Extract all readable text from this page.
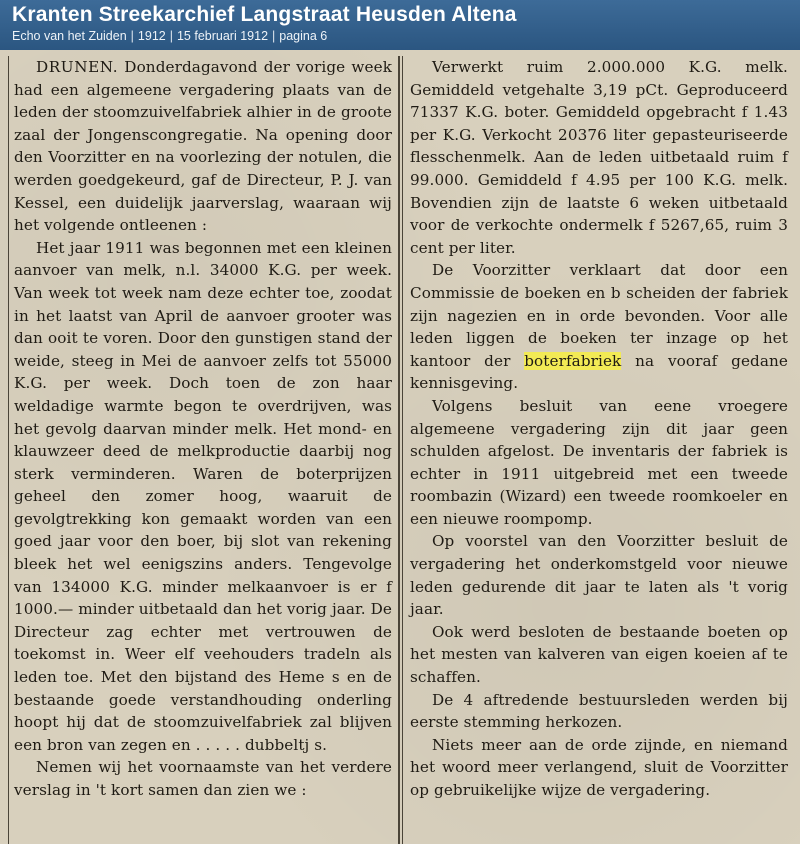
Kranten Streekarchief Langstraat Heusden Altena
Echo van het Zuiden | 1912 | 15 februari 1912 | pagina 6

DRUNEN. Donderdagavond der vorige week had een algemeene vergadering plaats van de leden der stoomzuivelfabriek alhier in de groote zaal der Jongenscongregatie. Na opening door den Voorzitter en na voorlezing der notulen, die werden goedgekeurd, gaf de Directeur, P. J. van Kessel, een duidelijk jaarverslag, waaraan wij het volgende ontleenen :

Het jaar 1911 was begonnen met een kleinen aanvoer van melk, n.l. 34000 K.G. per week. Van week tot week nam deze echter toe, zoodat in het laatst van April de aanvoer grooter was dan ooit te voren. Door den gunstigen stand der weide, steeg in Mei de aanvoer zelfs tot 55000 K.G. per week. Doch toen de zon haar weldadige warmte begon te overdrijven, was het gevolg daarvan minder melk. Het mond- en klauwzeer deed de melkproductie daarbij nog sterk verminderen. Waren de boterprijzen geheel den zomer hoog, waaruit de gevolgtrekking kon gemaakt worden van een goed jaar voor den boer, bij slot van rekening bleek het wel eenigszins anders. Tengevolge van 134000 K.G. minder melkaanvoer is er f 1000.— minder uitbetaald dan het vorig jaar. De Directeur zag echter met vertrouwen de toekomst in. Weer elf veehouders tradeln als leden toe. Met den bijstand des Heme s en de bestaande goede verstandhouding onderling hoopt hij dat de stoomzuivelfabriek zal blijven een bron van zegen en . . . . . dubbeltj s.

Nemen wij het voornaamste van het verdere verslag in 't kort samen dan zien we :

Verwerkt ruim 2.000.000 K.G. melk. Gemiddeld vetgehalte 3,19 pCt. Geproduceerd 71337 K.G. boter. Gemiddeld opgebracht f 1.43 per K.G. Verkocht 20376 liter gepasteuriseerde flesschenmelk. Aan de leden uitbetaald ruim f 99.000. Gemiddeld f 4.95 per 100 K.G. melk. Bovendien zijn de laatste 6 weken uitbetaald voor de verkochte ondermelk f 5267,65, ruim 3 cent per liter.

De Voorzitter verklaart dat door een Commissie de boeken en b scheiden der fabriek zijn nagezien en in orde bevonden. Voor alle leden liggen de boeken ter inzage op het kantoor der boterfabriek na vooraf gedane kennisgeving.

Volgens besluit van eene vroegere algemeene vergadering zijn dit jaar geen schulden afgelost. De inventaris der fabriek is echter in 1911 uitgebreid met een tweede roombazin (Wizard) een tweede roomkoeler en een nieuwe roompomp.

Op voorstel van den Voorzitter besluit de vergadering het onderkomstgeld voor nieuwe leden gedurende dit jaar te laten als 't vorig jaar.

Ook werd besloten de bestaande boeten op het mesten van kalveren van eigen koeien af te schaffen.

De 4 aftredende bestuursleden werden bij eerste stemming herkozen.

Niets meer aan de orde zijnde, en niemand het woord meer verlangend, sluit de Voorzitter op gebruikelijke wijze de vergadering.
